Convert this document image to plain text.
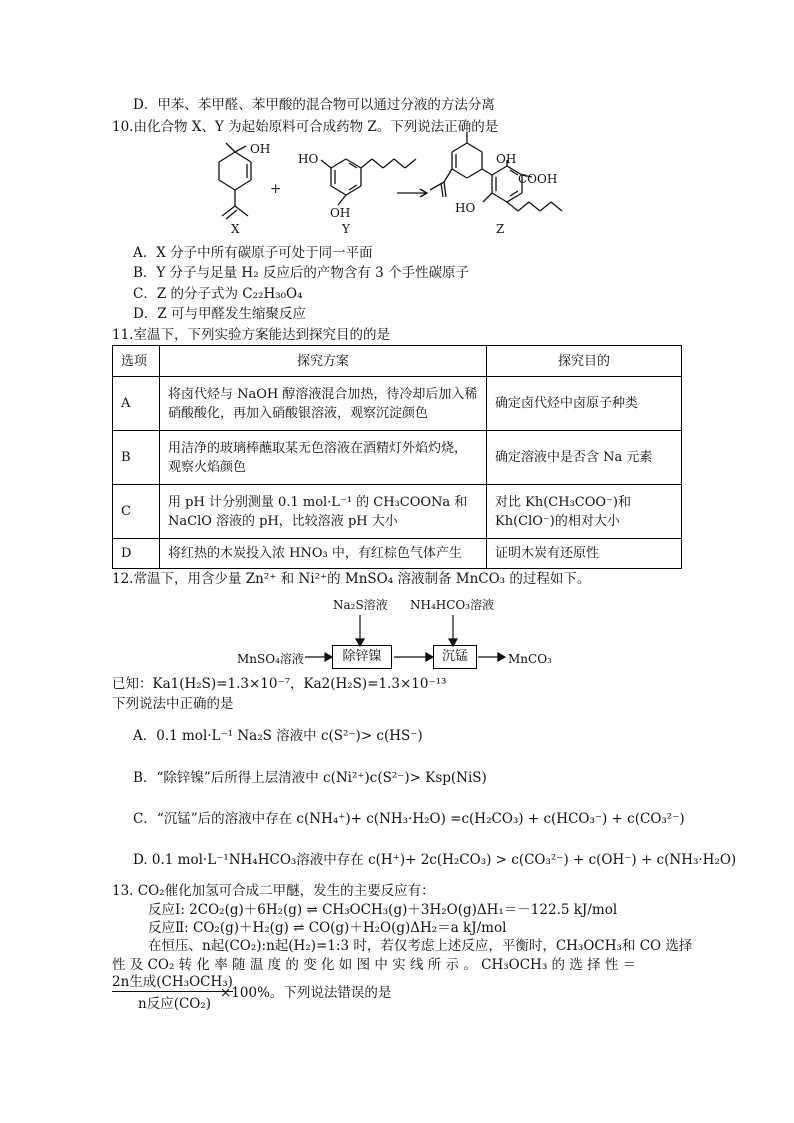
D．甲苯、苯甲醛、苯甲酸的混合物可以通过分液的方法分离
10.由化合物 X、Y 为起始原料可合成药物 Z。下列说法正确的是
OH
X
+
HO
OH
Y
OH
COOH
HO
Z
A．X 分子中所有碳原子可处于同一平面
B．Y 分子与足量 H₂ 反应后的产物含有 3 个手性碳原子
C．Z 的分子式为 C₂₂H₃₀O₄
D．Z 可与甲醛发生缩聚反应
11.室温下，下列实验方案能达到探究目的的是
选项	探究方案	探究目的
A	将卤代烃与 NaOH 醇溶液混合加热，待冷却后加入稀硝酸酸化，再加入硝酸银溶液，观察沉淀颜色	确定卤代烃中卤原子种类
B	用洁净的玻璃棒蘸取某无色溶液在酒精灯外焰灼烧，观察火焰颜色	确定溶液中是否含 Na 元素
C	用 pH 计分别测量 0.1 mol·L⁻¹ 的 CH₃COONa 和 NaClO 溶液的 pH，比较溶液 pH 大小	对比 Kh(CH₃COO⁻)和 Kh(ClO⁻)的相对大小
D	将红热的木炭投入浓 HNO₃ 中，有红棕色气体产生	证明木炭有还原性
12.常温下，用含少量 Zn²⁺ 和 Ni²⁺的 MnSO₄ 溶液制备 MnCO₃ 的过程如下。
Na₂S溶液 NH₄HCO₃溶液
MnSO₄溶液	除锌镍	沉锰	MnCO₃
已知：Ka1(H₂S)=1.3×10⁻⁷，Ka2(H₂S)=1.3×10⁻¹³
下列说法中正确的是
A．0.1 mol·L⁻¹ Na₂S 溶液中 c(S²⁻)> c(HS⁻)
B．“除锌镍”后所得上层清液中 c(Ni²⁺)c(S²⁻)> Ksp(NiS)
C．“沉锰”后的溶液中存在 c(NH₄⁺)+ c(NH₃·H₂O) =c(H₂CO₃) + c(HCO₃⁻) + c(CO₃²⁻)
D. 0.1 mol·L⁻¹NH₄HCO₃溶液中存在 c(H⁺)+ 2c(H₂CO₃) > c(CO₃²⁻) + c(OH⁻) + c(NH₃·H₂O)
13. CO₂催化加氢可合成二甲醚，发生的主要反应有：
反应Ⅰ: 2CO₂(g)＋6H₂(g) ⇌ CH₃OCH₃(g)＋3H₂O(g)ΔH₁＝－122.5 kJ/mol
反应Ⅱ: CO₂(g)＋H₂(g) ⇌ CO(g)＋H₂O(g)ΔH₂＝a kJ/mol
在恒压、n起(CO₂):n起(H₂)=1:3 时，若仅考虑上述反应，平衡时，CH₃OCH₃和 CO 选择
性 及 CO₂ 转 化 率 随 温 度 的 变 化 如 图 中 实 线 所 示 。 CH₃OCH₃ 的 选 择 性 ＝
2n生成(CH₃OCH₃)
×100%。下列说法错误的是
n反应(CO₂)
